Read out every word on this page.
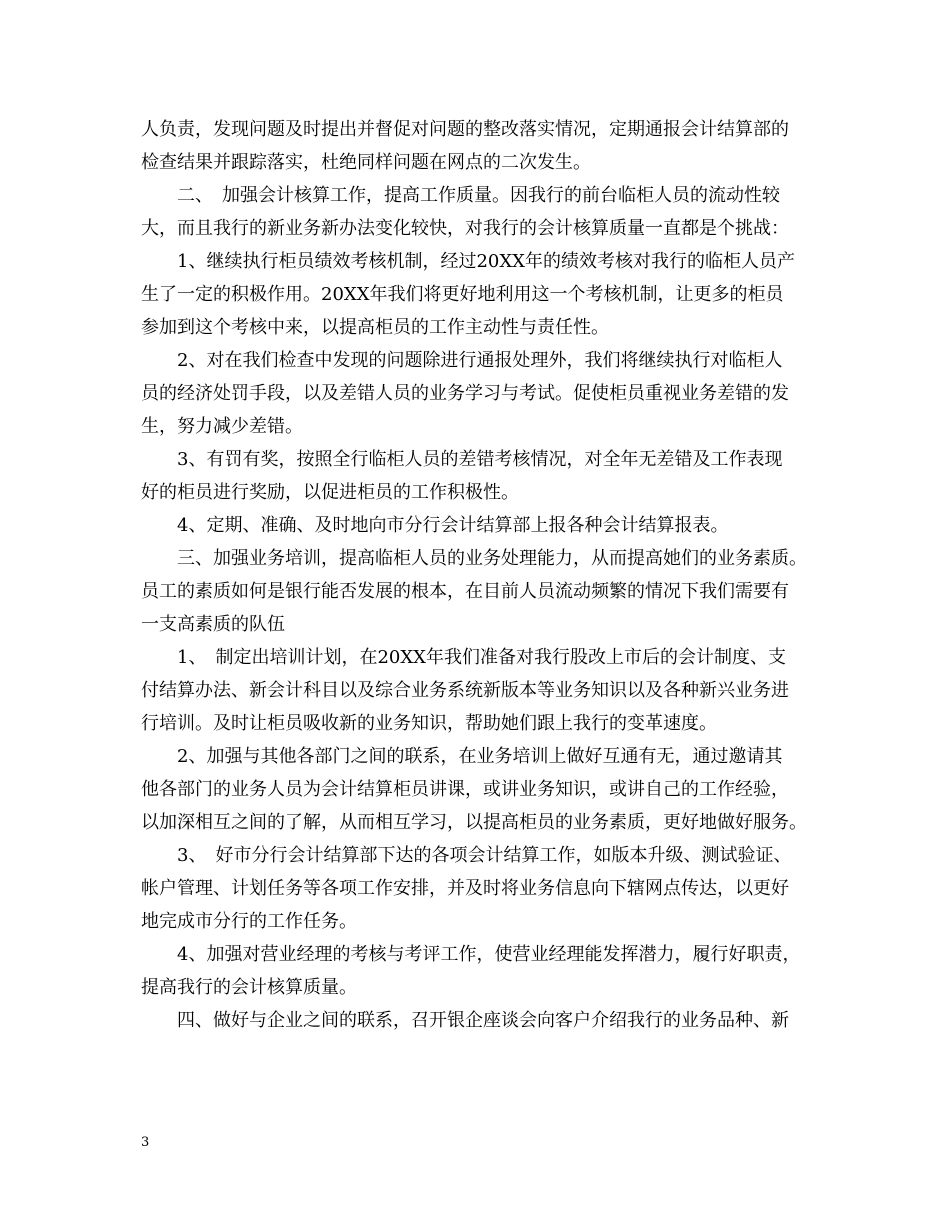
人负责，发现问题及时提出并督促对问题的整改落实情况，定期通报会计结算部的
检查结果并跟踪落实，杜绝同样问题在网点的二次发生。
　　二、　加强会计核算工作，提高工作质量。因我行的前台临柜人员的流动性较
大，而且我行的新业务新办法变化较快，对我行的会计核算质量一直都是个挑战：
　　1、继续执行柜员绩效考核机制，经过20XX年的绩效考核对我行的临柜人员产
生了一定的积极作用。20XX年我们将更好地利用这一个考核机制，让更多的柜员
参加到这个考核中来，以提高柜员的工作主动性与责任性。
　　2、对在我们检查中发现的问题除进行通报处理外，我们将继续执行对临柜人
员的经济处罚手段，以及差错人员的业务学习与考试。促使柜员重视业务差错的发
生，努力减少差错。
　　3、有罚有奖，按照全行临柜人员的差错考核情况，对全年无差错及工作表现
好的柜员进行奖励，以促进柜员的工作积极性。
　　4、定期、准确、及时地向市分行会计结算部上报各种会计结算报表。
　　三、加强业务培训，提高临柜人员的业务处理能力，从而提高她们的业务素质。
员工的素质如何是银行能否发展的根本，在目前人员流动频繁的情况下我们需要有
一支高素质的队伍
　　1、　制定出培训计划，在20XX年我们准备对我行股改上市后的会计制度、支
付结算办法、新会计科目以及综合业务系统新版本等业务知识以及各种新兴业务进
行培训。及时让柜员吸收新的业务知识，帮助她们跟上我行的变革速度。
　　2、加强与其他各部门之间的联系，在业务培训上做好互通有无，通过邀请其
他各部门的业务人员为会计结算柜员讲课，或讲业务知识，或讲自己的工作经验，
以加深相互之间的了解，从而相互学习，以提高柜员的业务素质，更好地做好服务。
　　3、　好市分行会计结算部下达的各项会计结算工作，如版本升级、测试验证、
帐户管理、计划任务等各项工作安排，并及时将业务信息向下辖网点传达，以更好
地完成市分行的工作任务。
　　4、加强对营业经理的考核与考评工作，使营业经理能发挥潜力，履行好职责，
提高我行的会计核算质量。
　　四、做好与企业之间的联系，召开银企座谈会向客户介绍我行的业务品种、新
3
